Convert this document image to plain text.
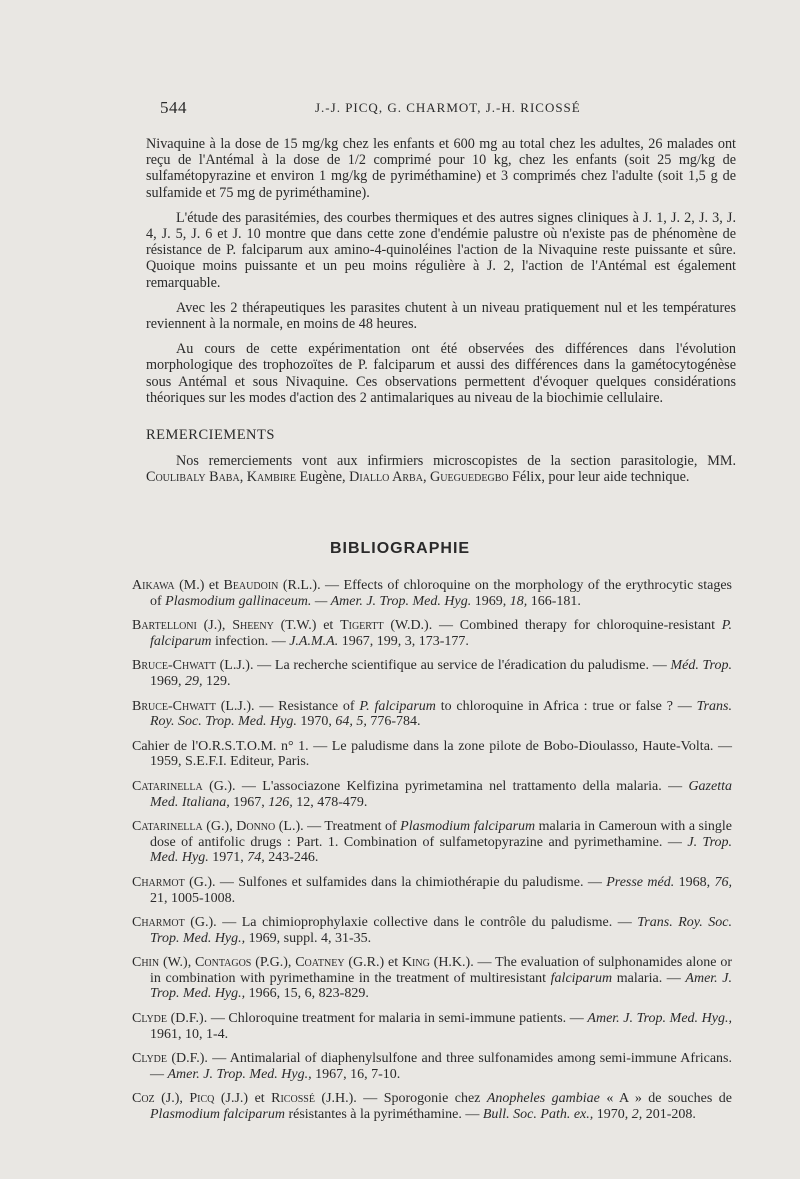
544	J.-J. PICQ, G. CHARMOT, J.-H. RICOSSÉ

Nivaquine à la dose de 15 mg/kg chez les enfants et 600 mg au total chez les adultes, 26 malades ont reçu de l'Antémal à la dose de 1/2 comprimé pour 10 kg, chez les enfants (soit 25 mg/kg de sulfamétopyrazine et environ 1 mg/kg de pyriméthamine) et 3 comprimés chez l'adulte (soit 1,5 g de sulfamide et 75 mg de pyriméthamine).

L'étude des parasitémies, des courbes thermiques et des autres signes cliniques à J. 1, J. 2, J. 3, J. 4, J. 5, J. 6 et J. 10 montre que dans cette zone d'endémie palustre où n'existe pas de phénomène de résistance de P. falciparum aux amino-4-quinoléines l'action de la Nivaquine reste puissante et sûre. Quoique moins puissante et un peu moins régulière à J. 2, l'action de l'Antémal est également remarquable.

Avec les 2 thérapeutiques les parasites chutent à un niveau pratiquement nul et les températures reviennent à la normale, en moins de 48 heures.

Au cours de cette expérimentation ont été observées des différences dans l'évolution morphologique des trophozoïtes de P. falciparum et aussi des différences dans la gamétocytogénèse sous Antémal et sous Nivaquine. Ces observations permettent d'évoquer quelques considérations théoriques sur les modes d'action des 2 antimalariques au niveau de la biochimie cellulaire.

REMERCIEMENTS

Nos remerciements vont aux infirmiers microscopistes de la section parasitologie, MM. Coulibaly Baba, Kambire Eugène, Diallo Arba, Gueguedegbo Félix, pour leur aide technique.

BIBLIOGRAPHIE

Aikawa (M.) et Beaudoin (R.L.). — Effects of chloroquine on the morphology of the erythrocytic stages of Plasmodium gallinaceum. — Amer. J. Trop. Med. Hyg. 1969, 18, 166-181.

Bartelloni (J.), Sheeny (T.W.) et Tigertt (W.D.). — Combined therapy for chloroquine-resistant P. falciparum infection. — J.A.M.A. 1967, 199, 3, 173-177.

Bruce-Chwatt (L.J.). — La recherche scientifique au service de l'éradication du paludisme. — Méd. Trop. 1969, 29, 129.

Bruce-Chwatt (L.J.). — Resistance of P. falciparum to chloroquine in Africa : true or false ? — Trans. Roy. Soc. Trop. Med. Hyg. 1970, 64, 5, 776-784.

Cahier de l'O.R.S.T.O.M. n° 1. — Le paludisme dans la zone pilote de Bobo-Dioulasso, Haute-Volta. — 1959, S.E.F.I. Editeur, Paris.

Catarinella (G.). — L'associazone Kelfizina pyrimetamina nel trattamento della malaria. — Gazetta Med. Italiana, 1967, 126, 12, 478-479.

Catarinella (G.), Donno (L.). — Treatment of Plasmodium falciparum malaria in Cameroun with a single dose of antifolic drugs : Part. 1. Combination of sulfametopyrazine and pyrimethamine. — J. Trop. Med. Hyg. 1971, 74, 243-246.

Charmot (G.). — Sulfones et sulfamides dans la chimiothérapie du paludisme. — Presse méd. 1968, 76, 21, 1005-1008.

Charmot (G.). — La chimioprophylaxie collective dans le contrôle du paludisme. — Trans. Roy. Soc. Trop. Med. Hyg., 1969, suppl. 4, 31-35.

Chin (W.), Contagos (P.G.), Coatney (G.R.) et King (H.K.). — The evaluation of sulphonamides alone or in combination with pyrimethamine in the treatment of multiresistant falciparum malaria. — Amer. J. Trop. Med. Hyg., 1966, 15, 6, 823-829.

Clyde (D.F.). — Chloroquine treatment for malaria in semi-immune patients. — Amer. J. Trop. Med. Hyg., 1961, 10, 1-4.

Clyde (D.F.). — Antimalarial of diaphenylsulfone and three sulfonamides among semi-immune Africans. — Amer. J. Trop. Med. Hyg., 1967, 16, 7-10.

Coz (J.), Picq (J.J.) et Ricossé (J.H.). — Sporogonie chez Anopheles gambiae « A » de souches de Plasmodium falciparum résistantes à la pyriméthamine. — Bull. Soc. Path. ex., 1970, 2, 201-208.
